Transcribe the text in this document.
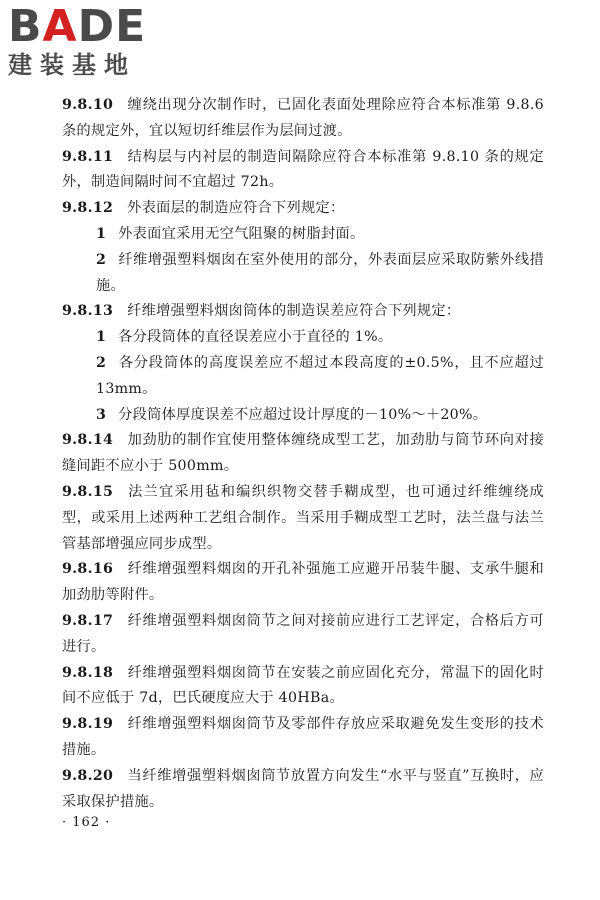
BADE
建装基地

9.8.10 缠绕出现分次制作时，已固化表面处理除应符合本标准第 9.8.6 条的规定外，宜以短切纤维层作为层间过渡。

9.8.11 结构层与内衬层的制造间隔除应符合本标准第 9.8.10 条的规定外，制造间隔时间不宜超过 72h。

9.8.12 外表面层的制造应符合下列规定：

1 外表面宜采用无空气阻聚的树脂封面。

2 纤维增强塑料烟囱在室外使用的部分，外表面层应采取防紫外线措施。

9.8.13 纤维增强塑料烟囱筒体的制造误差应符合下列规定：

1 各分段筒体的直径误差应小于直径的 1%。

2 各分段筒体的高度误差应不超过本段高度的±0.5%，且不应超过 13mm。

3 分段筒体厚度误差不应超过设计厚度的－10%～＋20%。

9.8.14 加劲肋的制作宜使用整体缠绕成型工艺，加劲肋与筒节环向对接缝间距不应小于 500mm。

9.8.15 法兰宜采用毡和编织织物交替手糊成型，也可通过纤维缠绕成型，或采用上述两种工艺组合制作。当采用手糊成型工艺时，法兰盘与法兰管基部增强应同步成型。

9.8.16 纤维增强塑料烟囱的开孔补强施工应避开吊装牛腿、支承牛腿和加劲肋等附件。

9.8.17 纤维增强塑料烟囱筒节之间对接前应进行工艺评定，合格后方可进行。

9.8.18 纤维增强塑料烟囱筒节在安装之前应固化充分，常温下的固化时间不应低于 7d，巴氏硬度应大于 40HBa。

9.8.19 纤维增强塑料烟囱筒节及零部件存放应采取避免发生变形的技术措施。

9.8.20 当纤维增强塑料烟囱筒节放置方向发生“水平与竖直”互换时，应采取保护措施。

· 162 ·
